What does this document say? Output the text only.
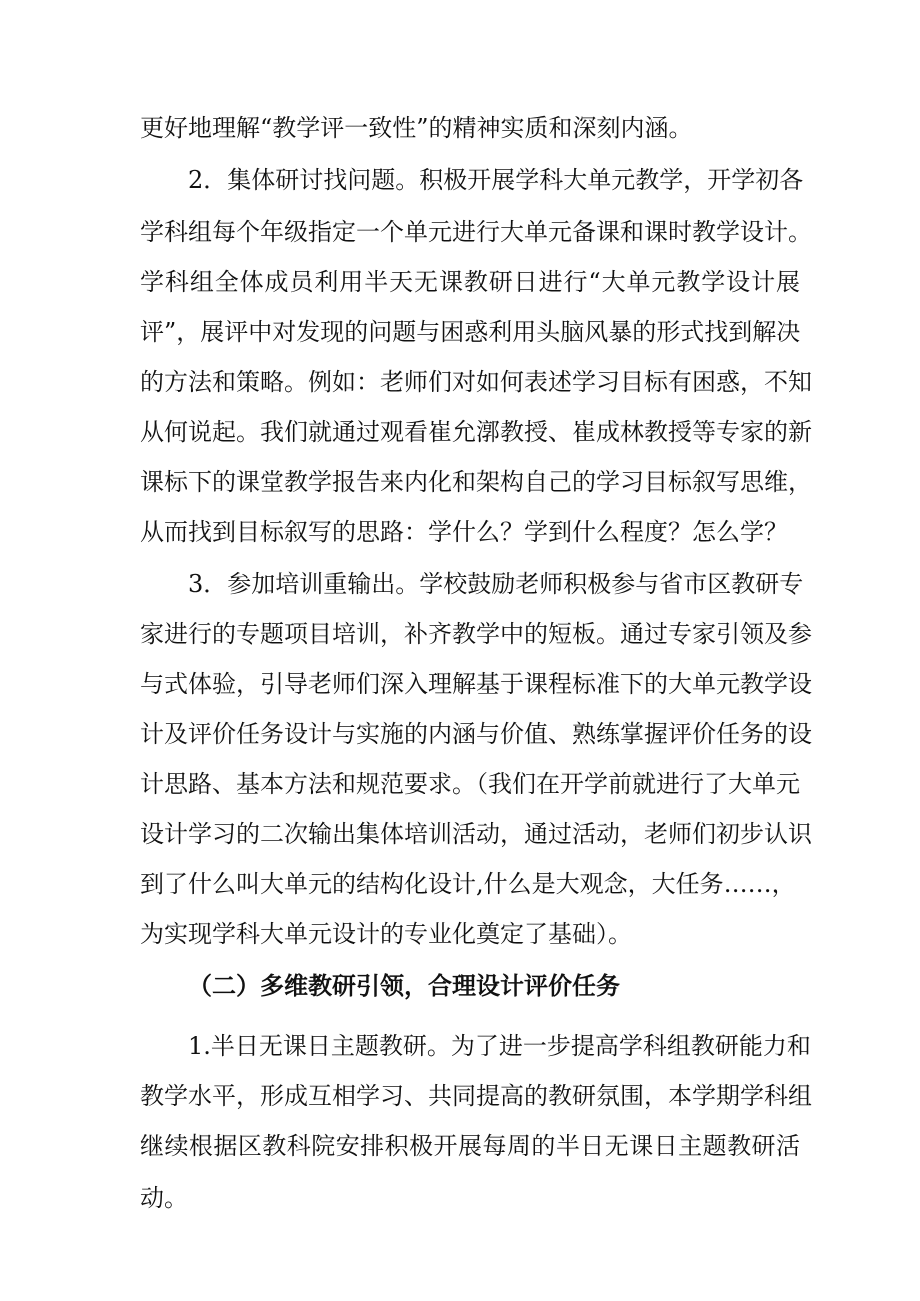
更好地理解“教学评一致性”的精神实质和深刻内涵。
2．集体研讨找问题。积极开展学科大单元教学，开学初各
学科组每个年级指定一个单元进行大单元备课和课时教学设计。
学科组全体成员利用半天无课教研日进行“大单元教学设计展
评”，展评中对发现的问题与困惑利用头脑风暴的形式找到解决
的方法和策略。例如：老师们对如何表述学习目标有困惑，不知
从何说起。我们就通过观看崔允漷教授、崔成林教授等专家的新
课标下的课堂教学报告来内化和架构自己的学习目标叙写思维，
从而找到目标叙写的思路：学什么？学到什么程度？怎么学？
3．参加培训重输出。学校鼓励老师积极参与省市区教研专
家进行的专题项目培训，补齐教学中的短板。通过专家引领及参
与式体验，引导老师们深入理解基于课程标准下的大单元教学设
计及评价任务设计与实施的内涵与价值、熟练掌握评价任务的设
计思路、基本方法和规范要求。（我们在开学前就进行了大单元
设计学习的二次输出集体培训活动，通过活动，老师们初步认识
到了什么叫大单元的结构化设计,什么是大观念，大任务……，
为实现学科大单元设计的专业化奠定了基础）。
（二）多维教研引领，合理设计评价任务
1.半日无课日主题教研。为了进一步提高学科组教研能力和
教学水平，形成互相学习、共同提高的教研氛围，本学期学科组
继续根据区教科院安排积极开展每周的半日无课日主题教研活
动。
